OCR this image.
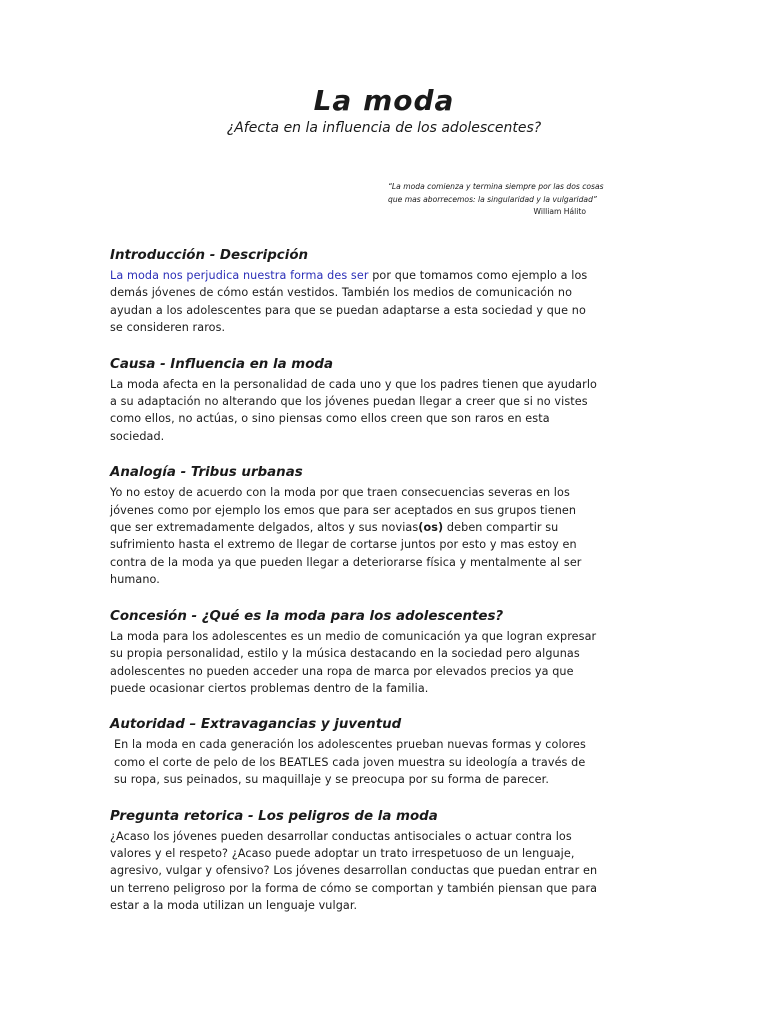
La moda
¿Afecta en la influencia de los adolescentes?
“La moda comienza y termina siempre por las dos cosas que mas aborrecemos: la singularidad y la vulgaridad”
William Hálito
Introducción - Descripción

La moda nos perjudica nuestra forma des ser por que tomamos como ejemplo a los demás jóvenes de cómo están vestidos. También los medios de comunicación no ayudan a los adolescentes para que se puedan adaptarse a esta sociedad y que no se consideren raros.

Causa - Influencia en la moda

La moda afecta en la personalidad de cada uno y que los padres tienen que ayudarlo a su adaptación no alterando que los jóvenes puedan llegar a creer que si no vistes como ellos, no actúas, o sino piensas como ellos creen que son raros en esta sociedad.

Analogía - Tribus urbanas

Yo no estoy de acuerdo con la moda por que traen consecuencias severas en los jóvenes como por ejemplo los emos que para ser aceptados en sus grupos tienen que ser extremadamente delgados, altos y sus novias(os) deben compartir su sufrimiento hasta el extremo de llegar de cortarse juntos por esto y mas estoy en contra de la moda ya que pueden llegar a deteriorarse física y mentalmente al ser humano.

Concesión - ¿Qué es la moda para los adolescentes?

La moda para los adolescentes es un medio de comunicación ya que logran expresar su propia personalidad, estilo y la música destacando en la sociedad pero algunas adolescentes no pueden acceder una ropa de marca por elevados precios ya que puede ocasionar ciertos problemas dentro de la familia.

Autoridad – Extravagancias y juventud

En la moda en cada generación los adolescentes prueban nuevas formas y colores como el corte de pelo de los BEATLES cada joven muestra su ideología a través de su ropa, sus peinados, su maquillaje y se preocupa por su forma de parecer.

Pregunta retorica - Los peligros de la moda

¿Acaso los jóvenes pueden desarrollar conductas antisociales o actuar contra los valores y el respeto? ¿Acaso puede adoptar un trato irrespetuoso de un lenguaje, agresivo, vulgar y ofensivo? Los jóvenes desarrollan conductas que puedan entrar en un terreno peligroso por la forma de cómo se comportan y también piensan que para estar a la moda utilizan un lenguaje vulgar.
